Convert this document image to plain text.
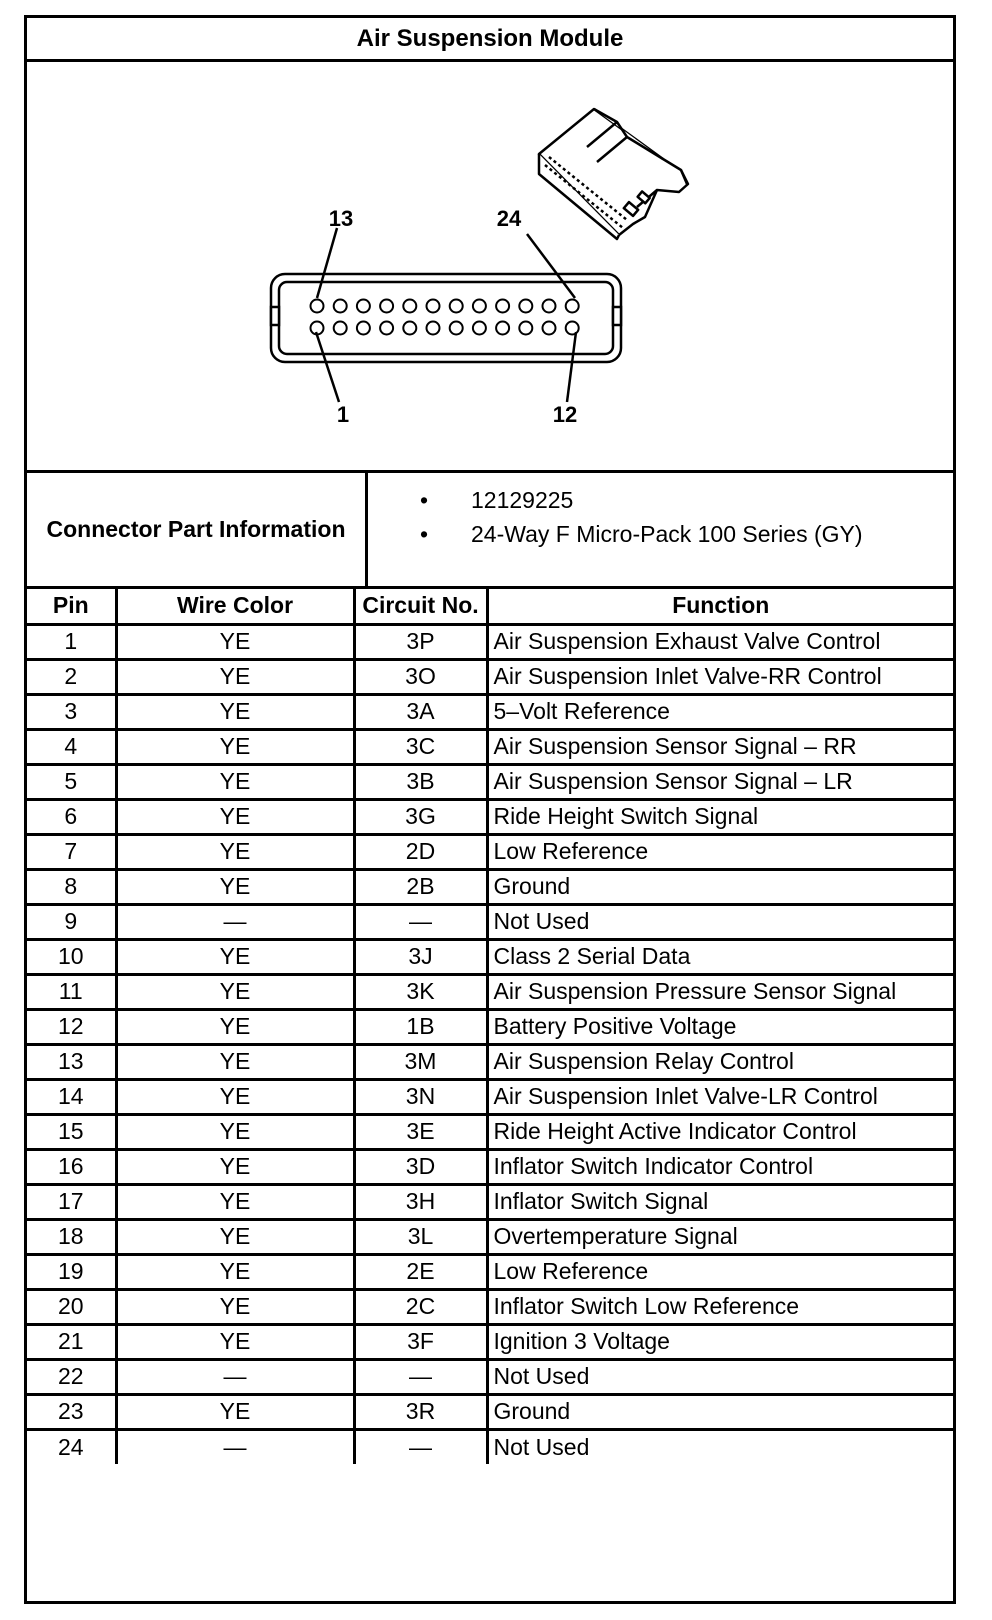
Air Suspension Module
13	24
1	12
Connector Part Information
• 12129225
• 24-Way F Micro-Pack 100 Series (GY)
Pin	Wire Color	Circuit No.	Function
1	YE	3P	Air Suspension Exhaust Valve Control
2	YE	3O	Air Suspension Inlet Valve-RR Control
3	YE	3A	5–Volt Reference
4	YE	3C	Air Suspension Sensor Signal – RR
5	YE	3B	Air Suspension Sensor Signal – LR
6	YE	3G	Ride Height Switch Signal
7	YE	2D	Low Reference
8	YE	2B	Ground
9	—	—	Not Used
10	YE	3J	Class 2 Serial Data
11	YE	3K	Air Suspension Pressure Sensor Signal
12	YE	1B	Battery Positive Voltage
13	YE	3M	Air Suspension Relay Control
14	YE	3N	Air Suspension Inlet Valve-LR Control
15	YE	3E	Ride Height Active Indicator Control
16	YE	3D	Inflator Switch Indicator Control
17	YE	3H	Inflator Switch Signal
18	YE	3L	Overtemperature Signal
19	YE	2E	Low Reference
20	YE	2C	Inflator Switch Low Reference
21	YE	3F	Ignition 3 Voltage
22	—	—	Not Used
23	YE	3R	Ground
24	—	—	Not Used
